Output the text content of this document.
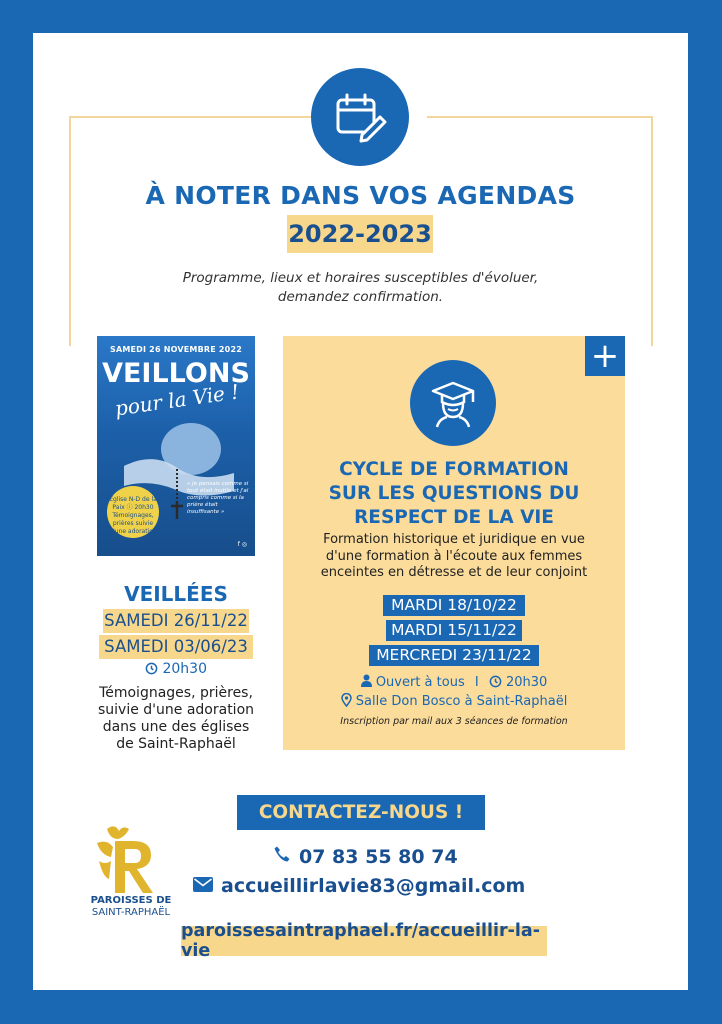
À NOTER DANS VOS AGENDAS
2022-2023
Programme, lieux et horaires susceptibles d'évoluer,
demandez confirmation.
SAMEDI 26 NOVEMBRE 2022
VEILLONS
pour la Vie !
Église N-D de la Paix ⓘ 20h30 Témoignages, prières suivie d'une adoration
« Je pensais comme si tout était inutile et j'ai compris comme si la prière était insuffisante »
f ◎
VEILLÉES
SAMEDI 26/11/22
SAMEDI 03/06/23
20h30
Témoignages, prières,
suivie d'une adoration
dans une des églises
de Saint-Raphaël
+
CYCLE DE FORMATION
SUR LES QUESTIONS DU
RESPECT DE LA VIE
Formation historique et juridique en vue
d'une formation à l'écoute aux femmes
enceintes en détresse et de leur conjoint
MARDI 18/10/22
MARDI 15/11/22
MERCREDI 23/11/22
Ouvert à tous I 20h30
Salle Don Bosco à Saint-Raphaël
Inscription par mail aux 3 séances de formation
CONTACTEZ-NOUS !
07 83 55 80 74
accueillirlavie83@gmail.com
paroissesaintraphael.fr/accueillir-la-vie
PAROISSES DE
SAINT-RAPHAËL
